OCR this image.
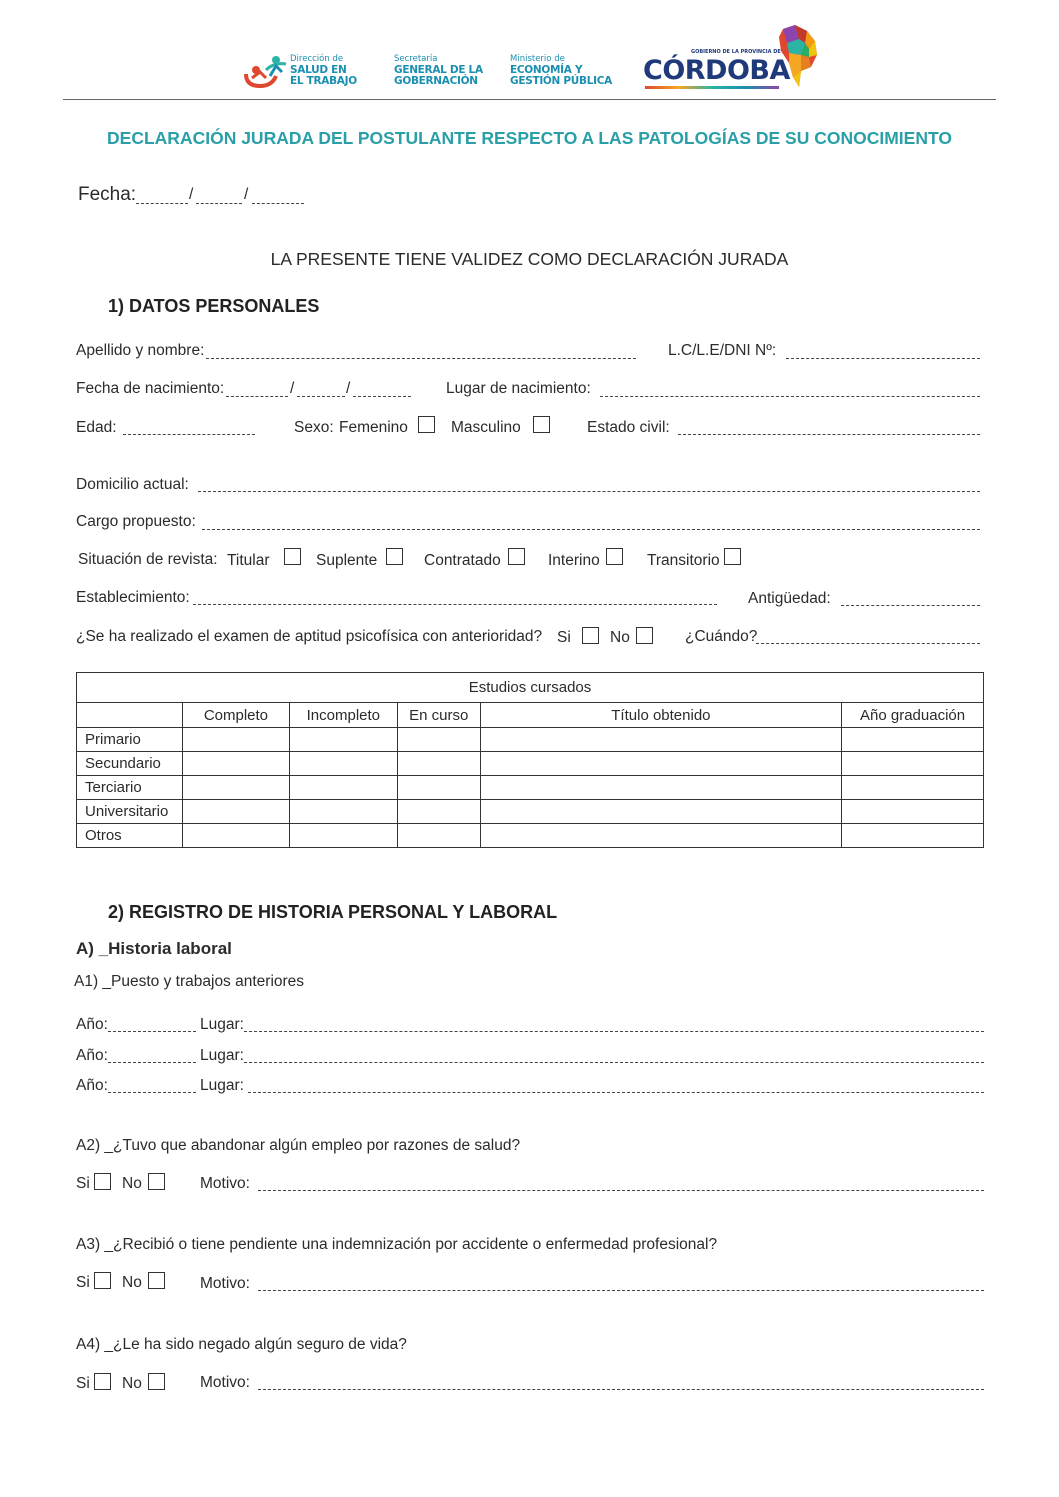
Dirección de
SALUD EN
EL TRABAJO
Secretaría
GENERAL DE LA
GOBERNACIÓN
Ministerio de
ECONOMÍA Y
GESTIÓN PÚBLICA
GOBIERNO DE LA PROVINCIA DE
CÓRDOBA
DECLARACIÓN JURADA DEL POSTULANTE RESPECTO A LAS PATOLOGÍAS DE SU CONOCIMIENTO
Fecha:	/	/
LA PRESENTE TIENE VALIDEZ COMO DECLARACIÓN JURADA
1) DATOS PERSONALES
Apellido y nombre:	L.C/L.E/DNI Nº:
Fecha de nacimiento:	/	/	Lugar de nacimiento:
Edad:	Sexo: Femenino	Masculino	Estado civil:
Domicilio actual:
Cargo propuesto:
Situación de revista: Titular	Suplente	Contratado	Interino	Transitorio
Establecimiento:	Antigüedad:
¿Se ha realizado el examen de aptitud psicofísica con anterioridad? Si	No	¿Cuándo?
Estudios cursados					
	Completo	Incompleto	En curso	Título obtenido	Año graduación
Primario					
Secundario					
Terciario					
Universitario					
Otros					
2) REGISTRO DE HISTORIA PERSONAL Y LABORAL
A) _Historia laboral
A1) _Puesto y trabajos anteriores
Año:	Lugar:
Año:	Lugar:
Año:	Lugar:
A2) _¿Tuvo que abandonar algún empleo por razones de salud?
Si No	Motivo:
A3) _¿Recibió o tiene pendiente una indemnización por accidente o enfermedad profesional?
Si No	Motivo:
A4) _¿Le ha sido negado algún seguro de vida?
Si No	Motivo:
